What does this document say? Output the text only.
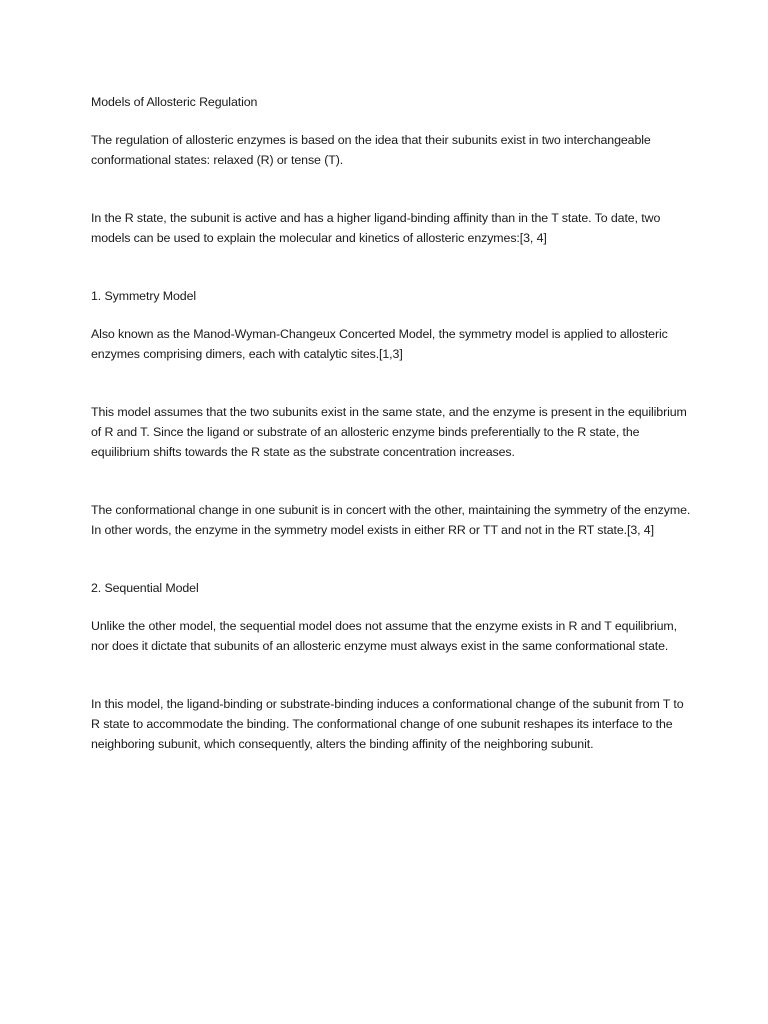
Models of Allosteric Regulation

The regulation of allosteric enzymes is based on the idea that their subunits exist in two interchangeable conformational states: relaxed (R) or tense (T).

In the R state, the subunit is active and has a higher ligand-binding affinity than in the T state. To date, two models can be used to explain the molecular and kinetics of allosteric enzymes:[3, 4]

1. Symmetry Model

Also known as the Manod-Wyman-Changeux Concerted Model, the symmetry model is applied to allosteric enzymes comprising dimers, each with catalytic sites.[1,3]

This model assumes that the two subunits exist in the same state, and the enzyme is present in the equilibrium of R and T. Since the ligand or substrate of an allosteric enzyme binds preferentially to the R state, the equilibrium shifts towards the R state as the substrate concentration increases.

The conformational change in one subunit is in concert with the other, maintaining the symmetry of the enzyme. In other words, the enzyme in the symmetry model exists in either RR or TT and not in the RT state.[3, 4]

2. Sequential Model

Unlike the other model, the sequential model does not assume that the enzyme exists in R and T equilibrium, nor does it dictate that subunits of an allosteric enzyme must always exist in the same conformational state.

In this model, the ligand-binding or substrate-binding induces a conformational change of the subunit from T to R state to accommodate the binding. The conformational change of one subunit reshapes its interface to the neighboring subunit, which consequently, alters the binding affinity of the neighboring subunit.
